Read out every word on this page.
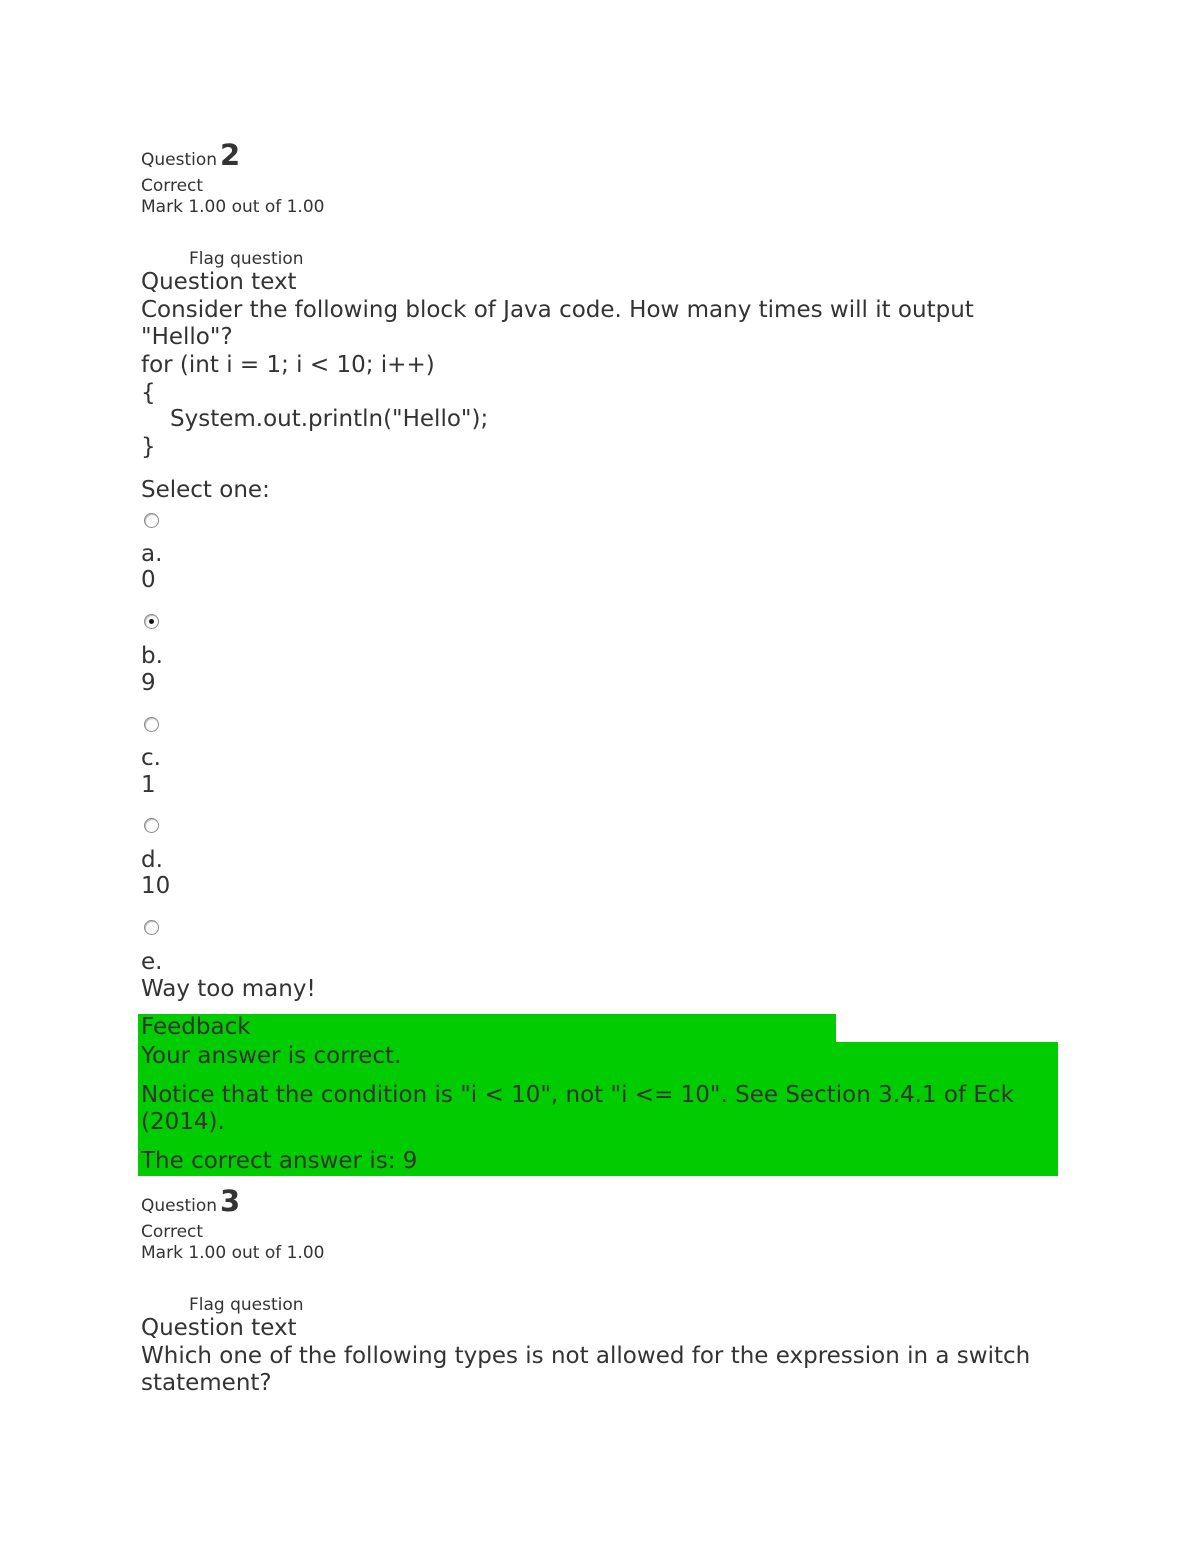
Question 2
Correct
Mark 1.00 out of 1.00
Flag question
Question text
Consider the following block of Java code. How many times will it output
"Hello"?
for (int i = 1; i < 10; i++)
{
System.out.println("Hello");
}
Select one:
a.
0
b.
9
c.
1
d.
10
e.
Way too many!
Feedback
Your answer is correct.
Notice that the condition is "i < 10", not "i <= 10". See Section 3.4.1 of Eck
(2014).
The correct answer is: 9
Question 3
Correct
Mark 1.00 out of 1.00
Flag question
Question text
Which one of the following types is not allowed for the expression in a switch
statement?
